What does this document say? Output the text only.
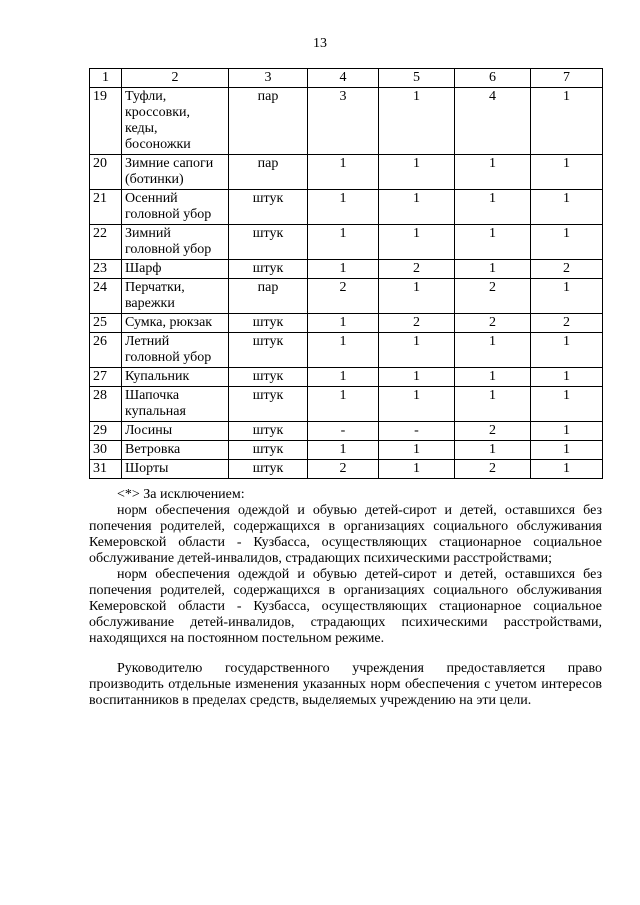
13
1	2	3	4	5	6	7
19	Туфли, кроссовки, кеды, босоножки	пар	3	1	4	1
20	Зимние сапоги (ботинки)	пар	1	1	1	1
21	Осенний головной убор	штук	1	1	1	1
22	Зимний головной убор	штук	1	1	1	1
23	Шарф	штук	1	2	1	2
24	Перчатки, варежки	пар	2	1	2	1
25	Сумка, рюкзак	штук	1	2	2	2
26	Летний головной убор	штук	1	1	1	1
27	Купальник	штук	1	1	1	1
28	Шапочка купальная	штук	1	1	1	1
29	Лосины	штук	-	-	2	1
30	Ветровка	штук	1	1	1	1
31	Шорты	штук	2	1	2	1

<*> За исключением:

норм обеспечения одеждой и обувью детей-сирот и детей, оставшихся без попечения родителей, содержащихся в организациях социального обслуживания Кемеровской области - Кузбасса, осуществляющих стационарное социальное обслуживание детей-инвалидов, страдающих психическими расстройствами;

норм обеспечения одеждой и обувью детей-сирот и детей, оставшихся без попечения родителей, содержащихся в организациях социального обслуживания Кемеровской области - Кузбасса, осуществляющих стационарное социальное обслуживание детей-инвалидов, страдающих психическими расстройствами, находящихся на постоянном постельном режиме.

Руководителю государственного учреждения предоставляется право производить отдельные изменения указанных норм обеспечения с учетом интересов воспитанников в пределах средств, выделяемых учреждению на эти цели.
